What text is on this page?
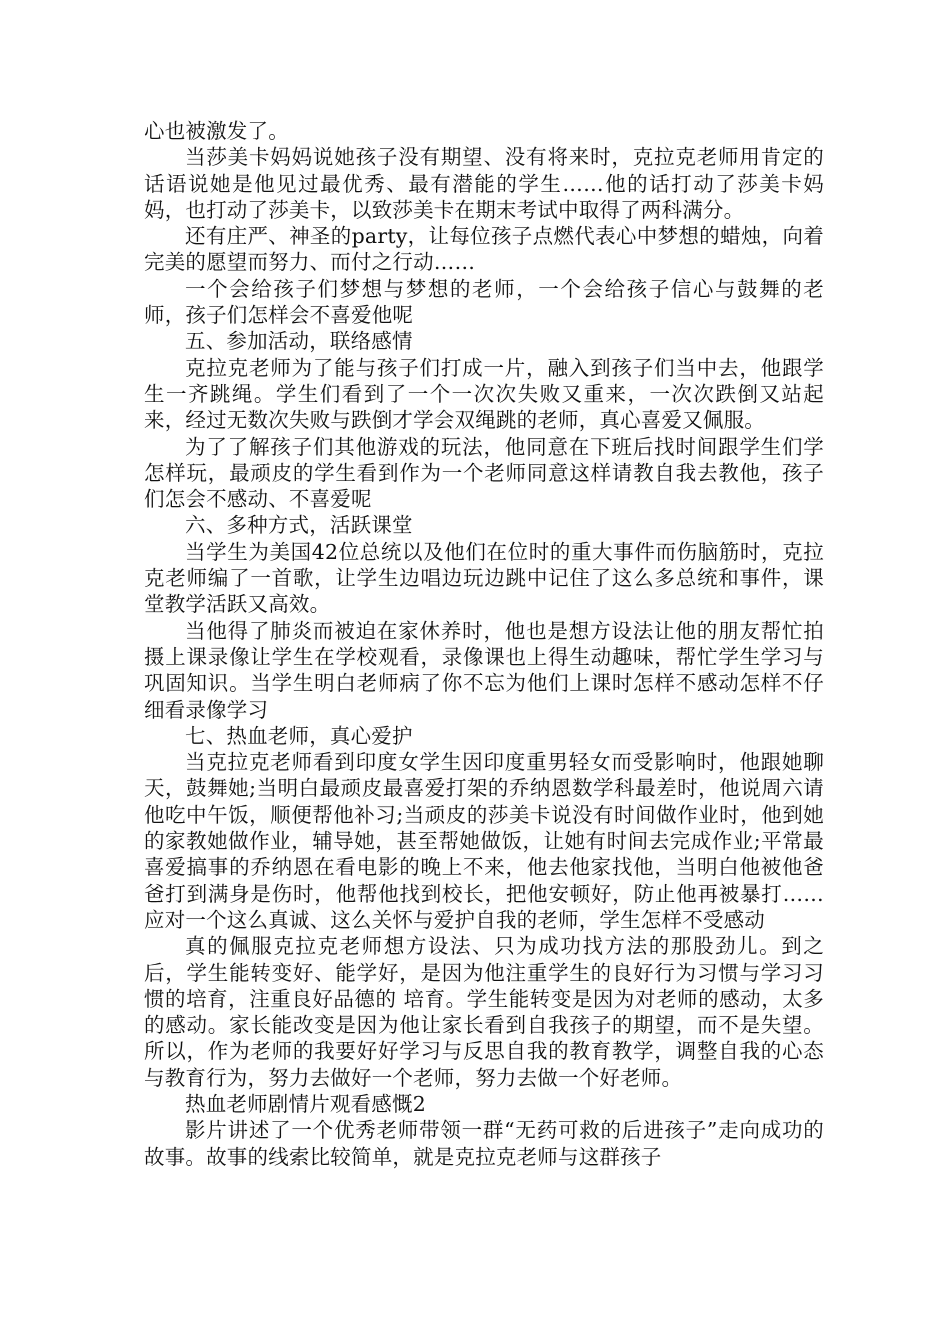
心也被激发了。

当莎美卡妈妈说她孩子没有期望、没有将来时，克拉克老师用肯定的话语说她是他见过最优秀、最有潜能的学生……他的话打动了莎美卡妈妈，也打动了莎美卡，以致莎美卡在期末考试中取得了两科满分。

还有庄严、神圣的party，让每位孩子点燃代表心中梦想的蜡烛，向着完美的愿望而努力、而付之行动……

一个会给孩子们梦想与梦想的老师，一个会给孩子信心与鼓舞的老师，孩子们怎样会不喜爱他呢

五、参加活动，联络感情

克拉克老师为了能与孩子们打成一片，融入到孩子们当中去，他跟学生一齐跳绳。学生们看到了一个一次次失败又重来，一次次跌倒又站起来，经过无数次失败与跌倒才学会双绳跳的老师，真心喜爱又佩服。

为了了解孩子们其他游戏的玩法，他同意在下班后找时间跟学生们学怎样玩，最顽皮的学生看到作为一个老师同意这样请教自我去教他，孩子们怎会不感动、不喜爱呢

六、多种方式，活跃课堂

当学生为美国42位总统以及他们在位时的重大事件而伤脑筋时，克拉克老师编了一首歌，让学生边唱边玩边跳中记住了这么多总统和事件，课堂教学活跃又高效。

当他得了肺炎而被迫在家休养时，他也是想方设法让他的朋友帮忙拍摄上课录像让学生在学校观看，录像课也上得生动趣味，帮忙学生学习与巩固知识。当学生明白老师病了你不忘为他们上课时怎样不感动怎样不仔细看录像学习

七、热血老师，真心爱护

当克拉克老师看到印度女学生因印度重男轻女而受影响时，他跟她聊天，鼓舞她;当明白最顽皮最喜爱打架的乔纳恩数学科最差时，他说周六请他吃中午饭，顺便帮他补习;当顽皮的莎美卡说没有时间做作业时，他到她的家教她做作业，辅导她，甚至帮她做饭，让她有时间去完成作业;平常最喜爱搞事的乔纳恩在看电影的晚上不来，他去他家找他，当明白他被他爸爸打到满身是伤时，他帮他找到校长，把他安顿好，防止他再被暴打……应对一个这么真诚、这么关怀与爱护自我的老师，学生怎样不受感动

真的佩服克拉克老师想方设法、只为成功找方法的那股劲儿。到之后，学生能转变好、能学好，是因为他注重学生的良好行为习惯与学习习惯的培育，注重良好品德的 培育。学生能转变是因为对老师的感动，太多的感动。家长能改变是因为他让家长看到自我孩子的期望，而不是失望。所以，作为老师的我要好好学习与反思自我的教育教学，调整自我的心态与教育行为，努力去做好一个老师，努力去做一个好老师。

热血老师剧情片观看感慨2

影片讲述了一个优秀老师带领一群“无药可救的后进孩子”走向成功的故事。故事的线索比较简单，就是克拉克老师与这群孩子
